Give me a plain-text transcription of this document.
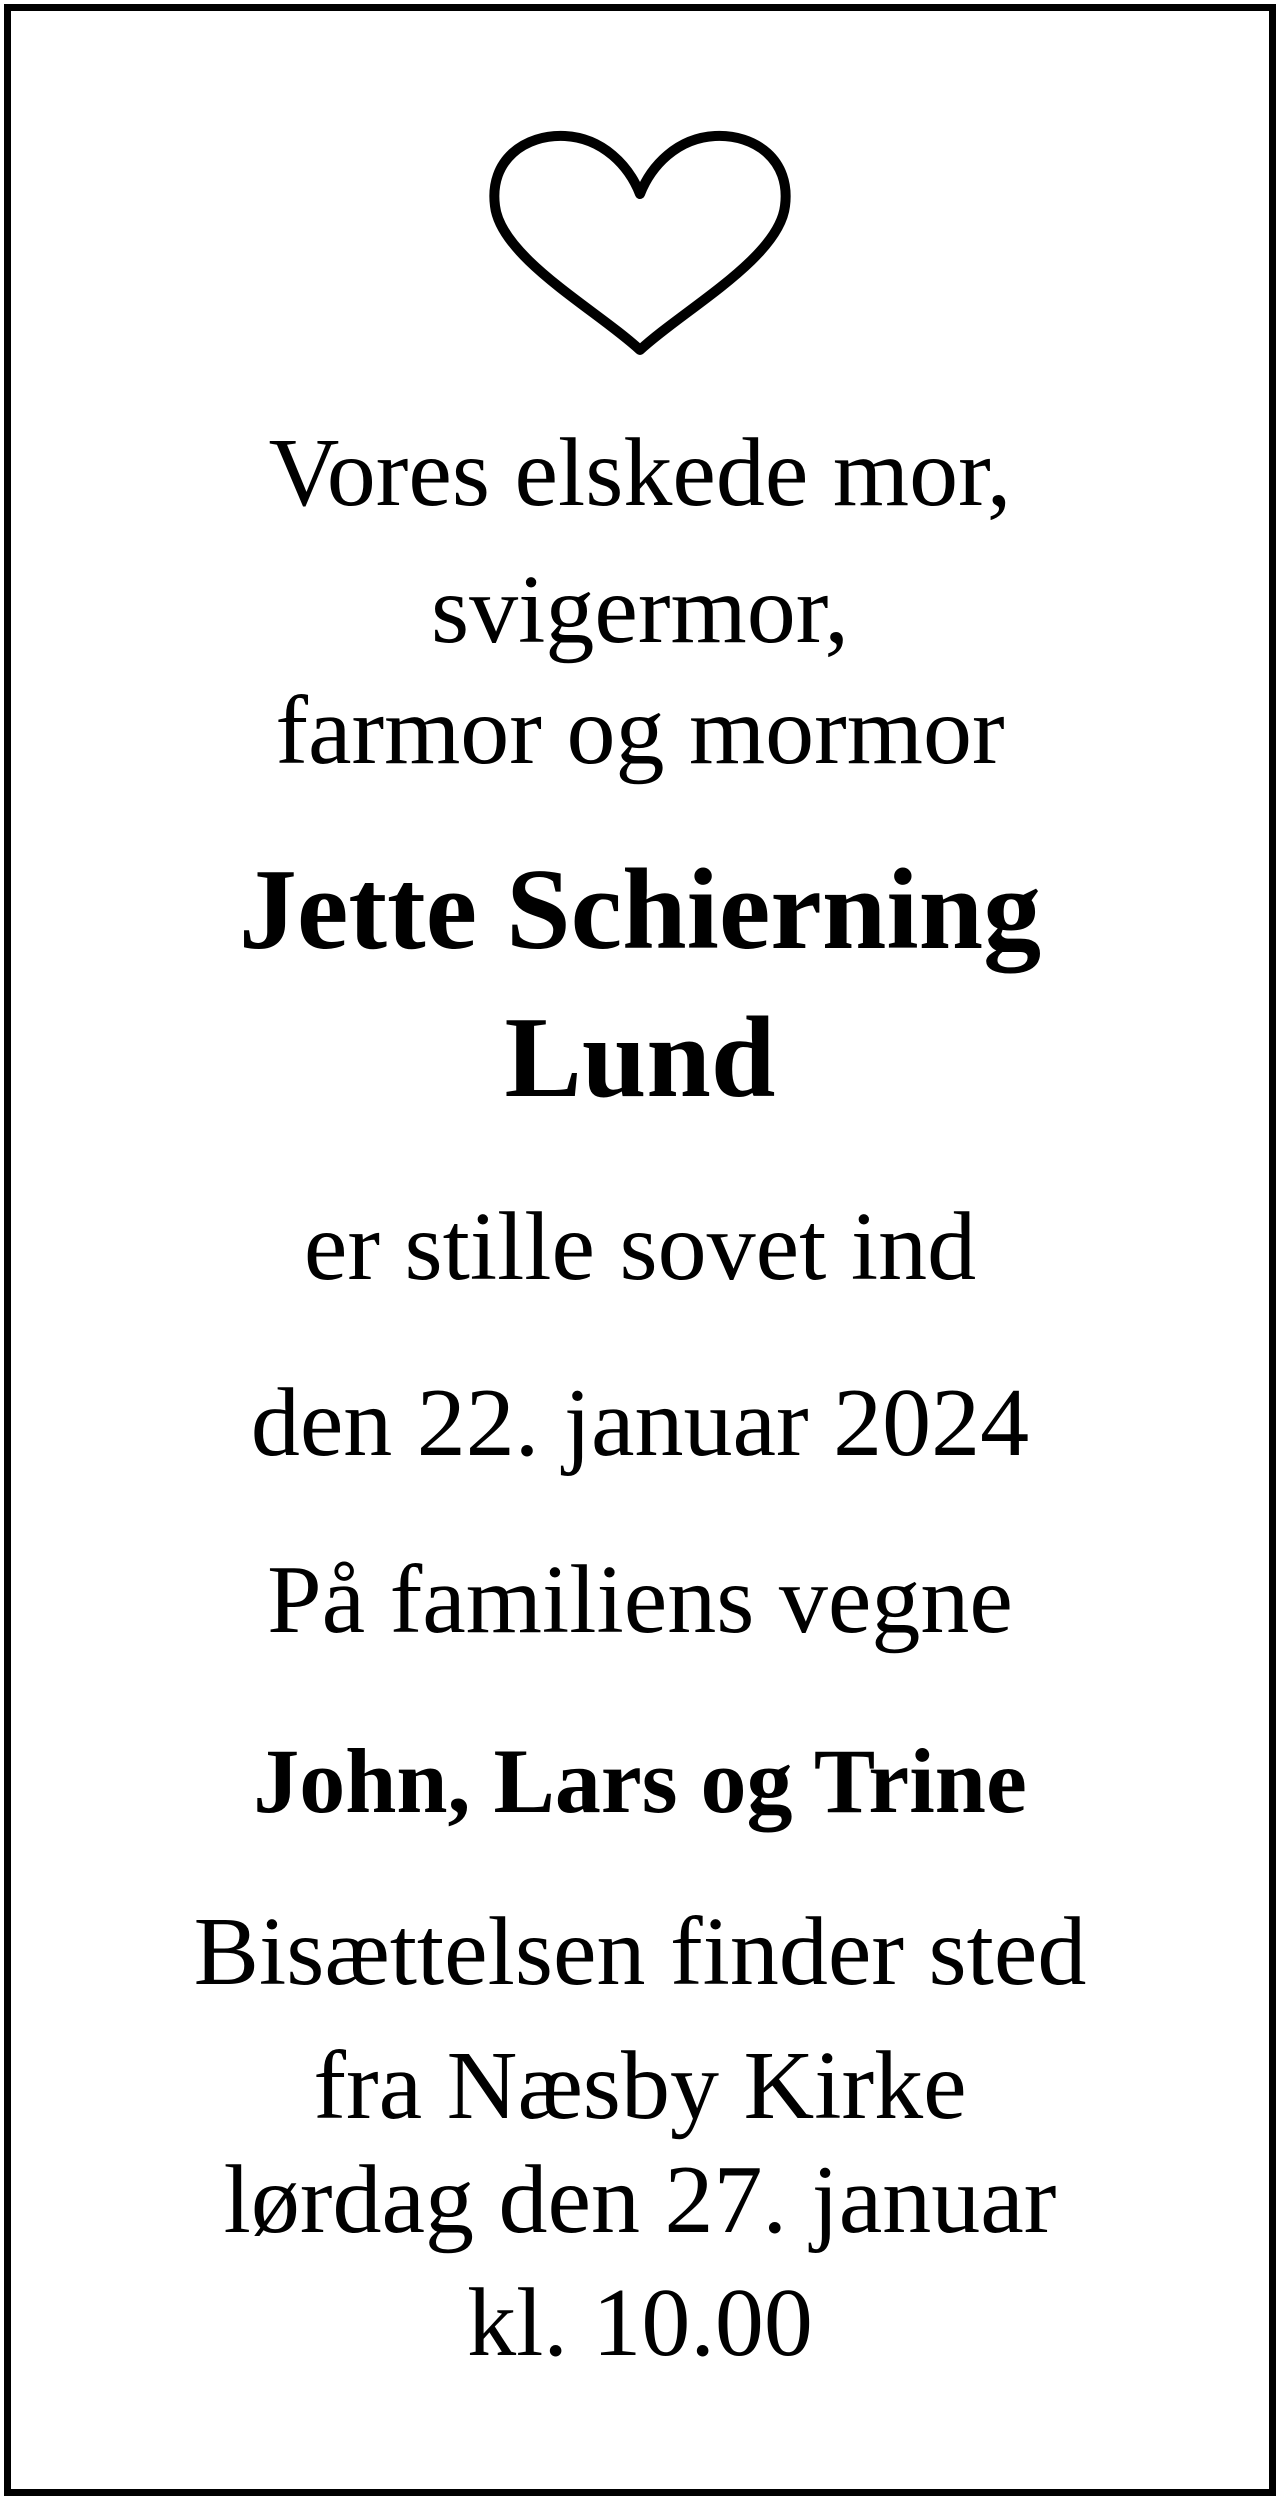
Vores elskede mor,
svigermor,
farmor og mormor
Jette Schierning
Lund
er stille sovet ind
den 22. januar 2024
På familiens vegne
John, Lars og Trine
Bisættelsen finder sted
fra Næsby Kirke
lørdag den 27. januar
kl. 10.00
